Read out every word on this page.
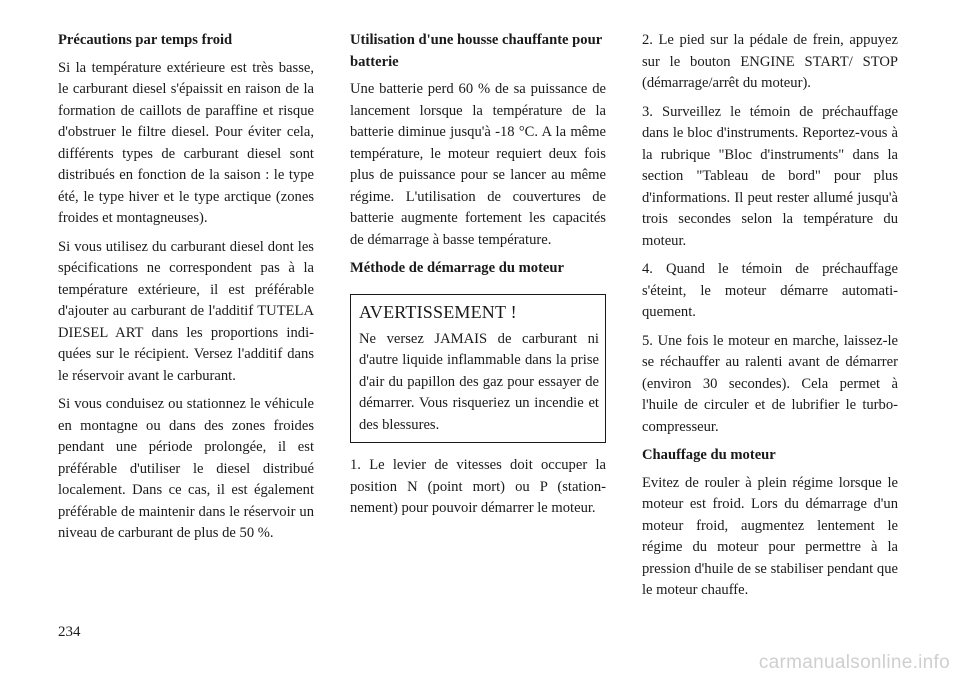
Précautions par temps froid

Si la température extérieure est très basse, le carburant diesel s'épaissit en raison de la formation de caillots de paraffine et risque d'obstruer le filtre diesel. Pour éviter cela, différents types de carburant diesel sont distribués en fonction de la saison : le type été, le type hiver et le type arctique (zones froides et montagneuses).

Si vous utilisez du carburant diesel dont les spécifications ne correspondent pas à la température extérieure, il est préférable d'ajouter au carburant de l'additif TUTELA DIESEL ART dans les proportions indiquées sur le récipient. Versez l'additif dans le réservoir avant le carburant.

Si vous conduisez ou stationnez le véhicule en montagne ou dans des zones froides pendant une période prolongée, il est préférable d'utiliser le diesel distribué localement. Dans ce cas, il est également préférable de maintenir dans le réservoir un niveau de carburant de plus de 50 %.

Utilisation d'une housse chauffante pour batterie

Une batterie perd 60 % de sa puissance de lancement lorsque la température de la batterie diminue jusqu'à -18 °C. A la même température, le moteur requiert deux fois plus de puissance pour se lancer au même régime. L'utilisation de couvertures de batterie augmente fortement les capacités de démarrage à basse température.

Méthode de démarrage du moteur

AVERTISSEMENT !

Ne versez JAMAIS de carburant ni d'autre liquide inflammable dans la prise d'air du papillon des gaz pour essayer de démarrer. Vous risqueriez un incendie et des blessures.

1. Le levier de vitesses doit occuper la position N (point mort) ou P (stationnement) pour pouvoir démarrer le moteur.

2. Le pied sur la pédale de frein, appuyez sur le bouton ENGINE START/ STOP (démarrage/arrêt du moteur).

3. Surveillez le témoin de préchauffage dans le bloc d'instruments. Reportez-vous à la rubrique "Bloc d'instruments" dans la section "Tableau de bord" pour plus d'informations. Il peut rester allumé jusqu'à trois secondes selon la température du moteur.

4. Quand le témoin de préchauffage s'éteint, le moteur démarre automatiquement.

5. Une fois le moteur en marche, laissez-le se réchauffer au ralenti avant de démarrer (environ 30 secondes). Cela permet à l'huile de circuler et de lubrifier le turbo-compresseur.

Chauffage du moteur

Evitez de rouler à plein régime lorsque le moteur est froid. Lors du démarrage d'un moteur froid, augmentez lentement le régime du moteur pour permettre à la pression d'huile de se stabiliser pendant que le moteur chauffe.

234
carmanualsonline.info
